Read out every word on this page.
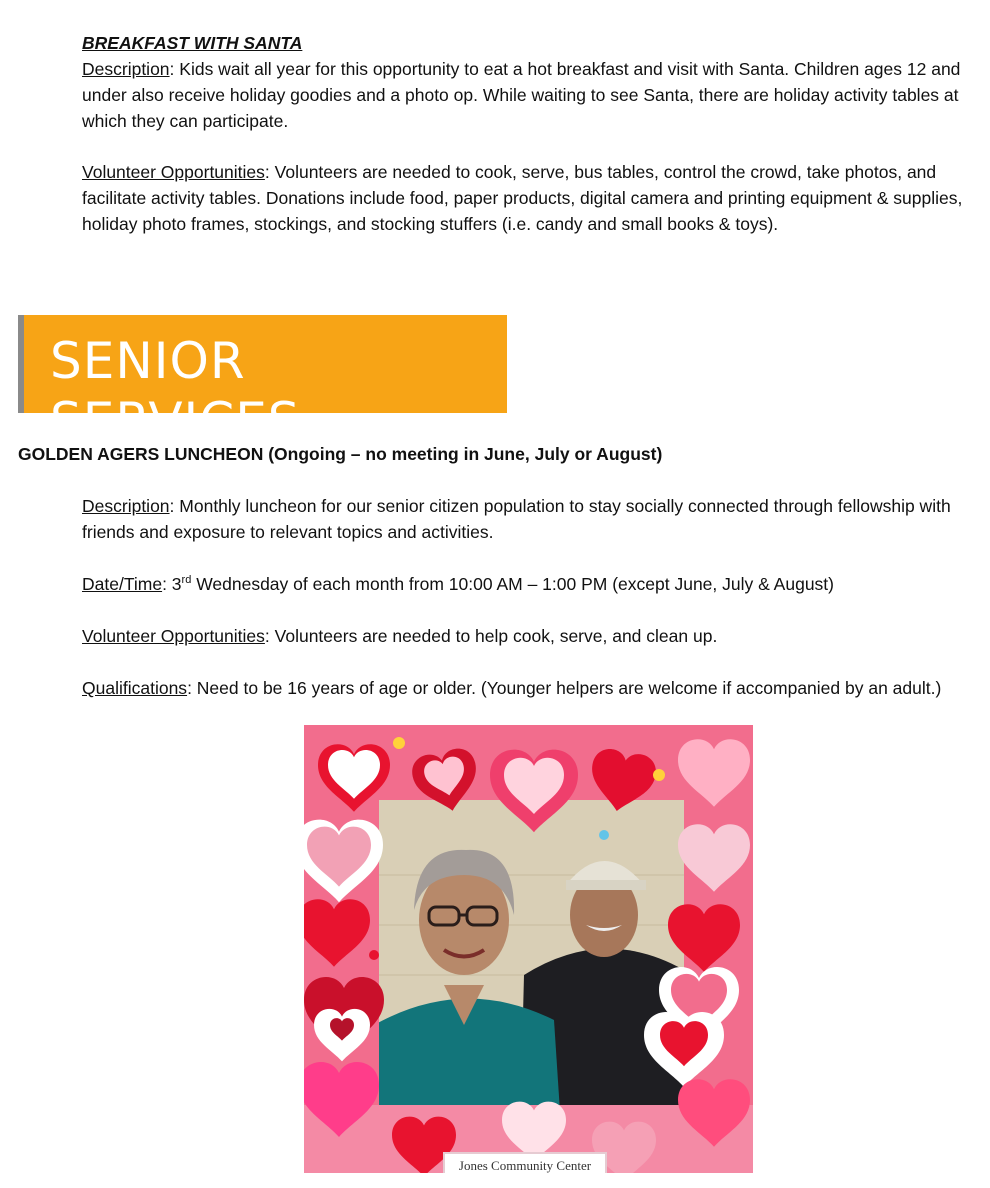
BREAKFAST WITH SANTA
Description: Kids wait all year for this opportunity to eat a hot breakfast and visit with Santa. Children ages 12 and under also receive holiday goodies and a photo op. While waiting to see Santa, there are holiday activity tables at which they can participate.
Volunteer Opportunities: Volunteers are needed to cook, serve, bus tables, control the crowd, take photos, and facilitate activity tables. Donations include food, paper products, digital camera and printing equipment & supplies, holiday photo frames, stockings, and stocking stuffers (i.e. candy and small books & toys).
SENIOR SERVICES
GOLDEN AGERS LUNCHEON (Ongoing – no meeting in June, July or August)
Description: Monthly luncheon for our senior citizen population to stay socially connected through fellowship with friends and exposure to relevant topics and activities.
Date/Time: 3rd Wednesday of each month from 10:00 AM – 1:00 PM (except June, July & August)
Volunteer Opportunities: Volunteers are needed to help cook, serve, and clean up.
Qualifications: Need to be 16 years of age or older. (Younger helpers are welcome if accompanied by an adult.)
Jones Community Center
